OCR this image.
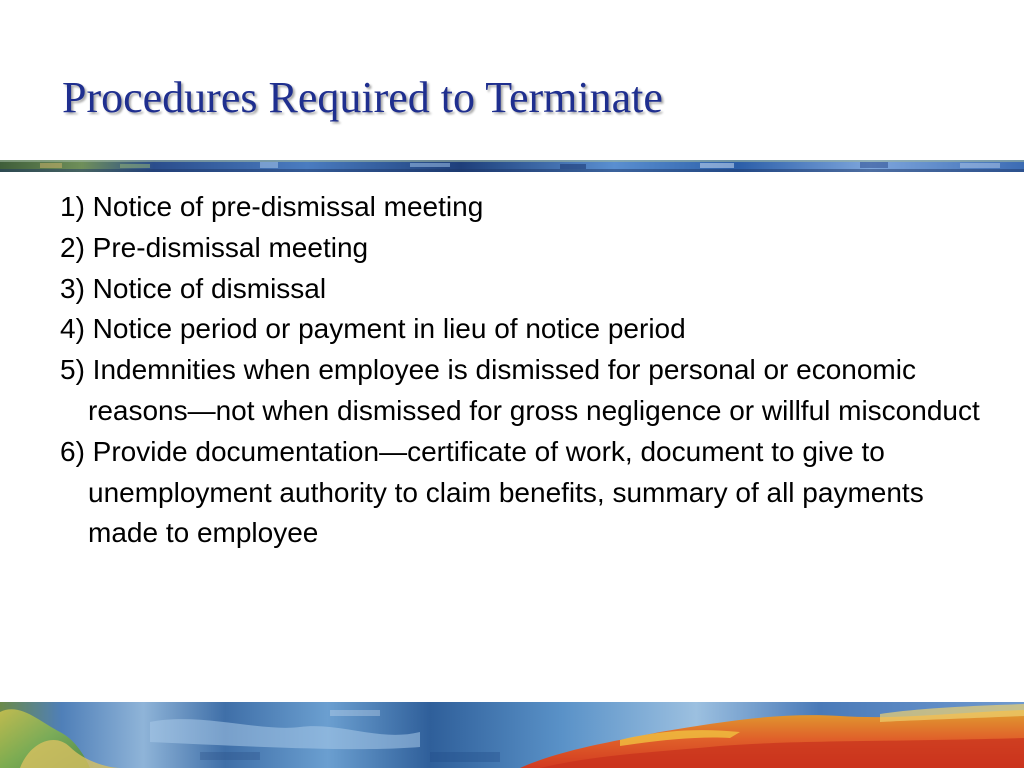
Procedures Required to Terminate
1) Notice of pre-dismissal meeting
2) Pre-dismissal meeting
3) Notice of dismissal
4) Notice period or payment in lieu of notice period
5) Indemnities when employee is dismissed for personal or economic reasons—not when dismissed for gross negligence or willful misconduct
6) Provide documentation—certificate of work, document to give to unemployment authority to claim benefits, summary of all payments made to employee
